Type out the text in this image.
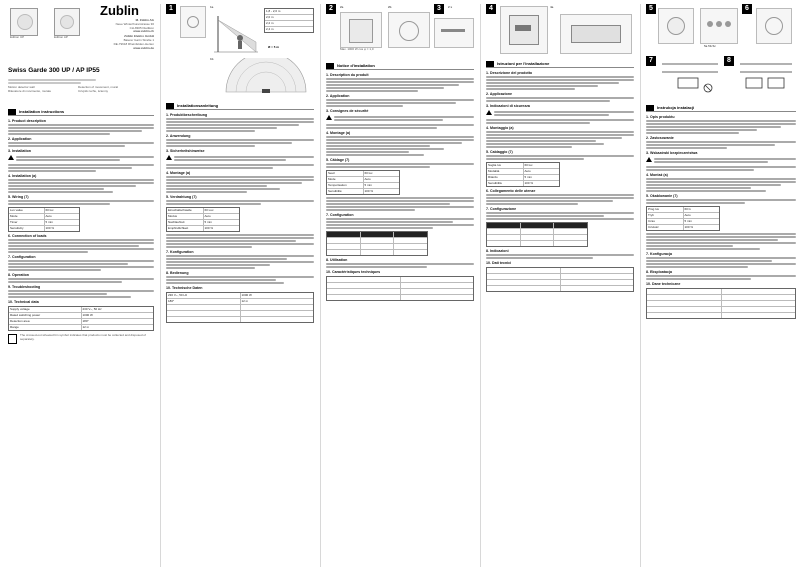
Edition UP	Edition AP
Zublin
M. Züblin AG
Neue Winterthurerstrasse 30
CH-8305 Dietlikon
www.zublin.ch
Züblin Elektro GmbH
Baierer Gartn Straße 1
DE-79618 Rheinfelden-Herten
www.zublin.de
Swiss Garde 300 UP / AP IP55
Motion detector wall	Detection of movement, mural
Rilevatore di movimento, murale	Czujnik ruchu, ścienny
Installation instructions
1. Product description
2. Application
3. Installation
4. Installation (a)
5. Wiring (7)
Lux value	60 lux
Mode	Auto
Timer	5 min
Sensitivity	100 %
6. Connection of loads
7. Configuration
8. Operation
9. Troubleshooting
10. Technical data
Supply voltage	230 V~, 50 Hz
Rated switching power	1000 W
Detection area	180°
Range	12 m
The crossed-out wheeled bin symbol indicates that products must be collected and disposed of separately.
1	1a
1,8 - 2,0 m
2,0 m
2,2 m
2,4 m
1b
Ø = 5 m
Installationsanleitung
1. Produktbeschreibung
2. Anwendung
3. Sicherheitshinweise
4. Montage (a)
5. Verdrahtung (7)
Einschaltschwelle	60 Lux
Modus	Auto
Nachlaufzeit	5 min
Empfindlichkeit	100 %
7. Konfiguration
8. Bedienung
10. Technische Daten
230 V~, 50 Hz	1000 W
180°	12 m
2	2a	2b	3	2 x
Max. 1000 W cos φ = 1,0
Notice d'installation
1. Description du produit
2. Application
3. Consignes de sécurité
4. Montage (a)
5. Câblage (7)
Seuil	60 lux
Mode	Auto
Temporisation	5 min
Sensibilité	100 %
7. Configuration
8. Utilisation
10. Caractéristiques techniques
4	4a
Istruzioni per l'installazione
1. Descrizione del prodotto
2. Applicazione
3. Indicazioni di sicurezza
4. Montaggio (a)
5. Cablaggio (7)
Soglia lux	60 lux
Modalità	Auto
Ritardo	5 min
Sensibilità	100 %
6. Collegamento delle utenze
7. Configurazione
8. Indicazioni
10. Dati tecnici
5
5a 5b 5c
6
7	8
Instrukcja instalacji
1. Opis produktu
2. Zastosowanie
3. Wskazówki bezpieczeństwa
4. Montaż (a)
5. Okablowanie (7)
Próg lux	60 lx
Tryb	Auto
Czas	5 min
Czułość	100 %
7. Konfiguracja
8. Eksploatacja
10. Dane techniczne
